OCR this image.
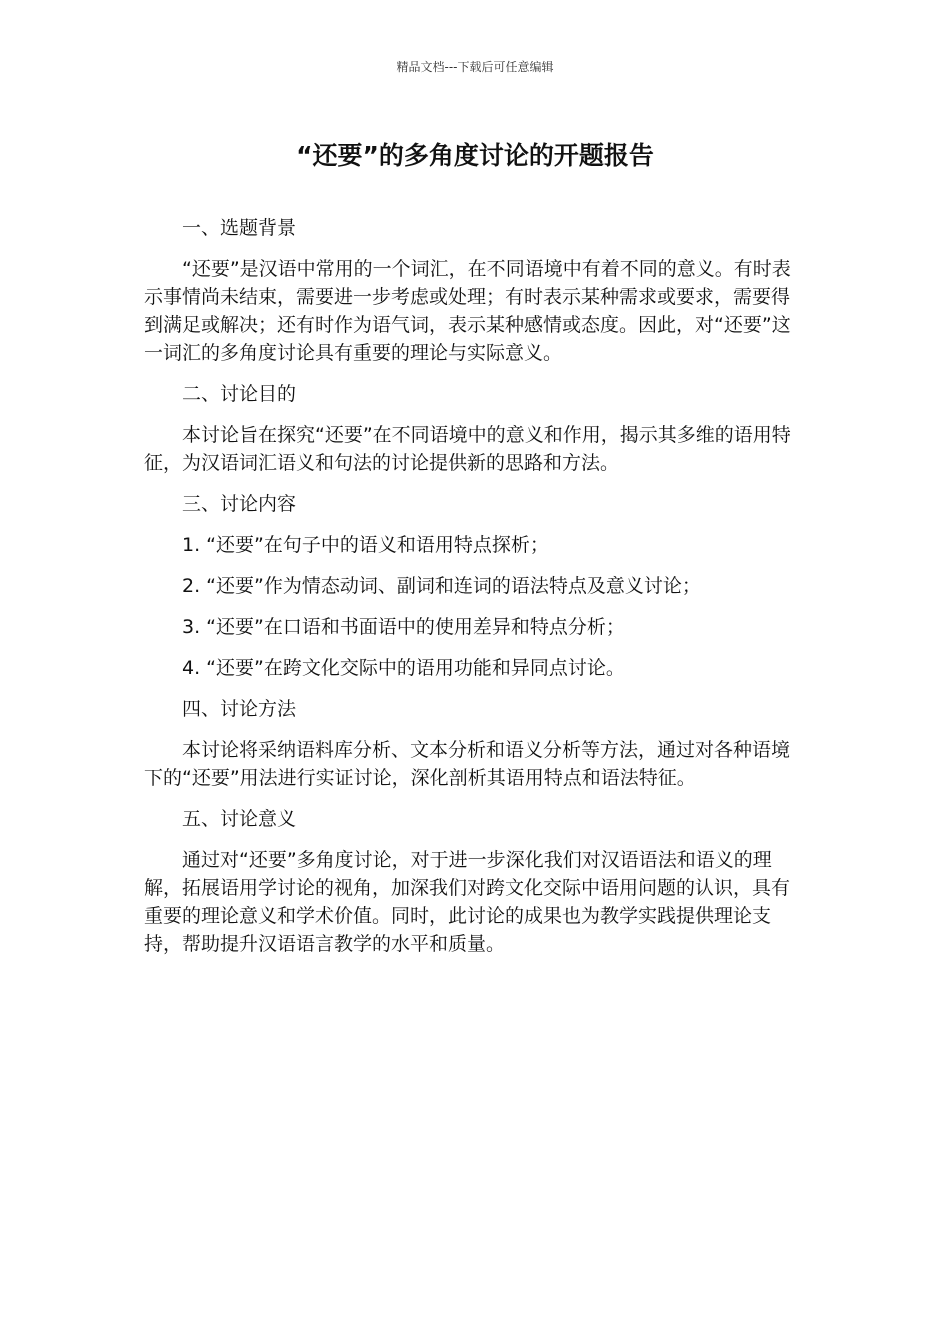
精品文档---下载后可任意编辑
“还要”的多角度讨论的开题报告

一、选题背景

“还要”是汉语中常用的一个词汇，在不同语境中有着不同的意义。有时表示事情尚未结束，需要进一步考虑或处理；有时表示某种需求或要求，需要得到满足或解决；还有时作为语气词，表示某种感情或态度。因此，对“还要”这一词汇的多角度讨论具有重要的理论与实际意义。

二、讨论目的

本讨论旨在探究“还要”在不同语境中的意义和作用，揭示其多维的语用特征，为汉语词汇语义和句法的讨论提供新的思路和方法。

三、讨论内容

1. “还要”在句子中的语义和语用特点探析；

2. “还要”作为情态动词、副词和连词的语法特点及意义讨论；

3. “还要”在口语和书面语中的使用差异和特点分析；

4. “还要”在跨文化交际中的语用功能和异同点讨论。

四、讨论方法

本讨论将采纳语料库分析、文本分析和语义分析等方法，通过对各种语境下的“还要”用法进行实证讨论，深化剖析其语用特点和语法特征。

五、讨论意义

通过对“还要”多角度讨论，对于进一步深化我们对汉语语法和语义的理解，拓展语用学讨论的视角，加深我们对跨文化交际中语用问题的认识，具有重要的理论意义和学术价值。同时，此讨论的成果也为教学实践提供理论支持，帮助提升汉语语言教学的水平和质量。
